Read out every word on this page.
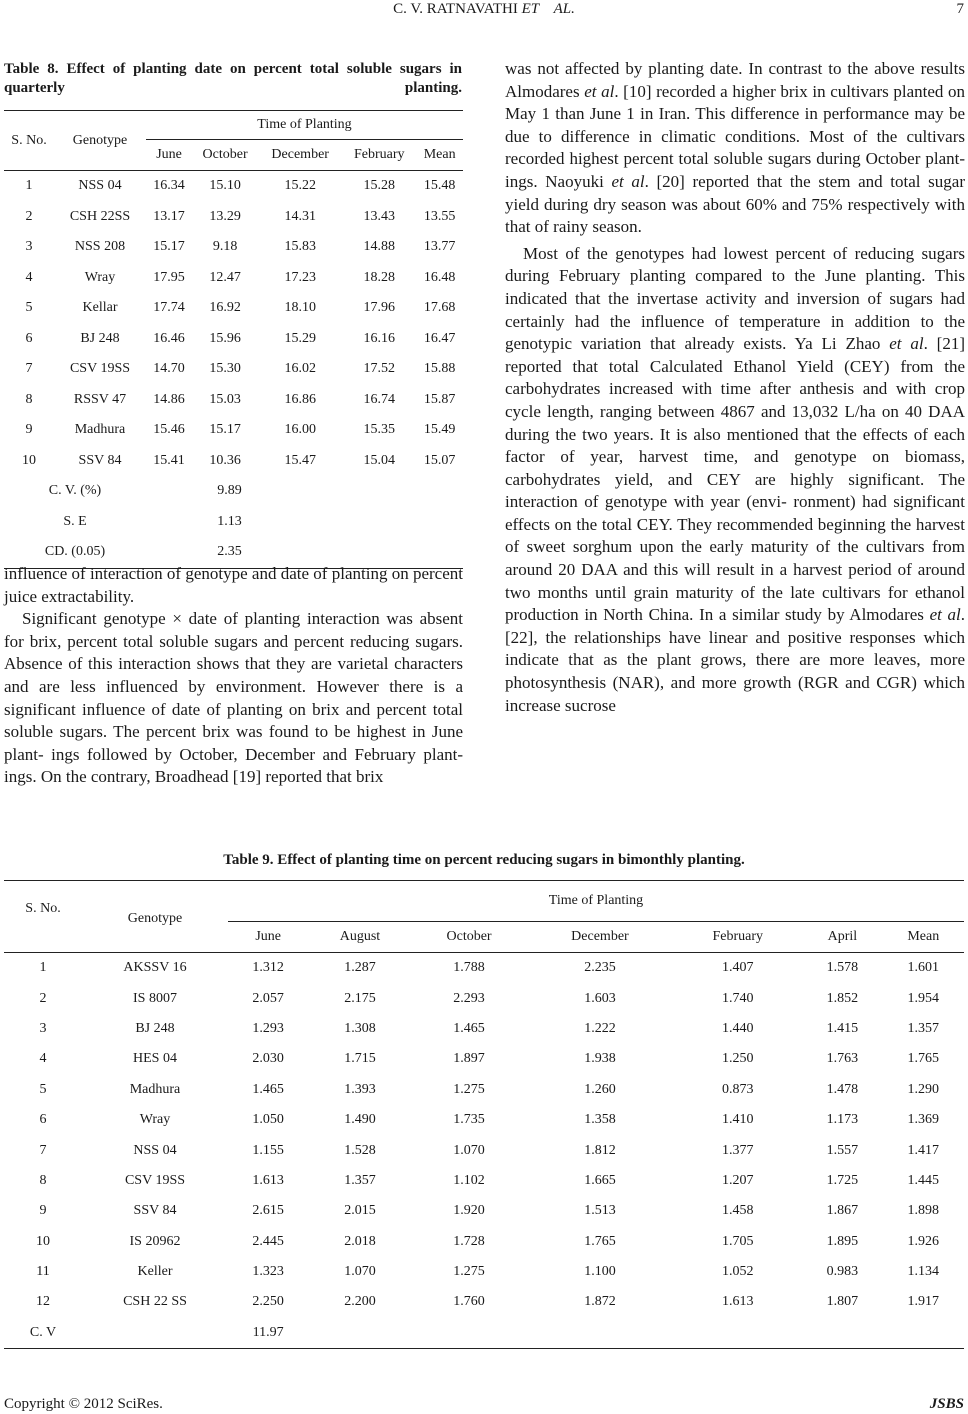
C. V. RATNAVATHI ET    AL.	7
Table 8. Effect of planting date on percent total soluble sugars in quarterly planting.
S. No.	Genotype	Time of Planting				
		June	October	December	February	Mean
1	NSS 04	16.34	15.10	15.22	15.28	15.48
2	CSH 22SS	13.17	13.29	14.31	13.43	13.55
3	NSS 208	15.17	9.18	15.83	14.88	13.77
4	Wray	17.95	12.47	17.23	18.28	16.48
5	Kellar	17.74	16.92	18.10	17.96	17.68
6	BJ 248	16.46	15.96	15.29	16.16	16.47
7	CSV 19SS	14.70	15.30	16.02	17.52	15.88
8	RSSV 47	14.86	15.03	16.86	16.74	15.87
9	Madhura	15.46	15.17	16.00	15.35	15.49
10	SSV 84	15.41	10.36	15.47	15.04	15.07
C. V. (%)		9.89				
S. E		1.13				
CD. (0.05)		2.35				

influence of interaction of genotype and date of planting on percent juice extractability.

Significant genotype × date of planting interaction was absent for brix, percent total soluble sugars and percent reducing sugars. Absence of this interaction shows that they are varietal characters and are less influenced by environment. However there is a significant influence of date of planting on brix and percent total soluble sugars. The percent brix was found to be highest in June plant- ings followed by October, December and February plant- ings. On the contrary, Broadhead [19] reported that brix

was not affected by planting date. In contrast to the above results Almodares et al. [10] recorded a higher brix in cultivars planted on May 1 than June 1 in Iran. This difference in performance may be due to difference in climatic conditions. Most of the cultivars recorded highest percent total soluble sugars during October plant- ings. Naoyuki et al. [20] reported that the stem and total sugar yield during dry season was about 60% and 75% respectively with that of rainy season.

Most of the genotypes had lowest percent of reducing sugars during February planting compared to the June planting. This indicated that the invertase activity and inversion of sugars had certainly had the influence of temperature in addition to the genotypic variation that already exists. Ya Li Zhao et al. [21] reported that total Calculated Ethanol Yield (CEY) from the carbohydrates increased with time after anthesis and with crop cycle length, ranging between 4867 and 13,032 L/ha on 40 DAA during the two years. It is also mentioned that the effects of each factor of year, harvest time, and genotype on biomass, carbohydrates yield, and CEY are highly significant. The interaction of genotype with year (envi- ronment) had significant effects on the total CEY. They recommended beginning the harvest of sweet sorghum upon the early maturity of the cultivars from around 20 DAA and this will result in a harvest period of around two months until grain maturity of the late cultivars for ethanol production in North China. In a similar study by Almodares et al. [22], the relationships have linear and positive responses which indicate that as the plant grows, there are more leaves, more photosynthesis (NAR), and more growth (RGR and CGR) which increase sucrose

Table 9. Effect of planting time on percent reducing sugars in bimonthly planting.
S. No.	Genotype	Time of Planting						
		June	August	October	December	February	April	Mean
1	AKSSV 16	1.312	1.287	1.788	2.235	1.407	1.578	1.601
2	IS 8007	2.057	2.175	2.293	1.603	1.740	1.852	1.954
3	BJ 248	1.293	1.308	1.465	1.222	1.440	1.415	1.357
4	HES 04	2.030	1.715	1.897	1.938	1.250	1.763	1.765
5	Madhura	1.465	1.393	1.275	1.260	0.873	1.478	1.290
6	Wray	1.050	1.490	1.735	1.358	1.410	1.173	1.369
7	NSS 04	1.155	1.528	1.070	1.812	1.377	1.557	1.417
8	CSV 19SS	1.613	1.357	1.102	1.665	1.207	1.725	1.445
9	SSV 84	2.615	2.015	1.920	1.513	1.458	1.867	1.898
10	IS 20962	2.445	2.018	1.728	1.765	1.705	1.895	1.926
11	Keller	1.323	1.070	1.275	1.100	1.052	0.983	1.134
12	CSH 22 SS	2.250	2.200	1.760	1.872	1.613	1.807	1.917
C. V		11.97						
Copyright © 2012 SciRes.	JSBS
